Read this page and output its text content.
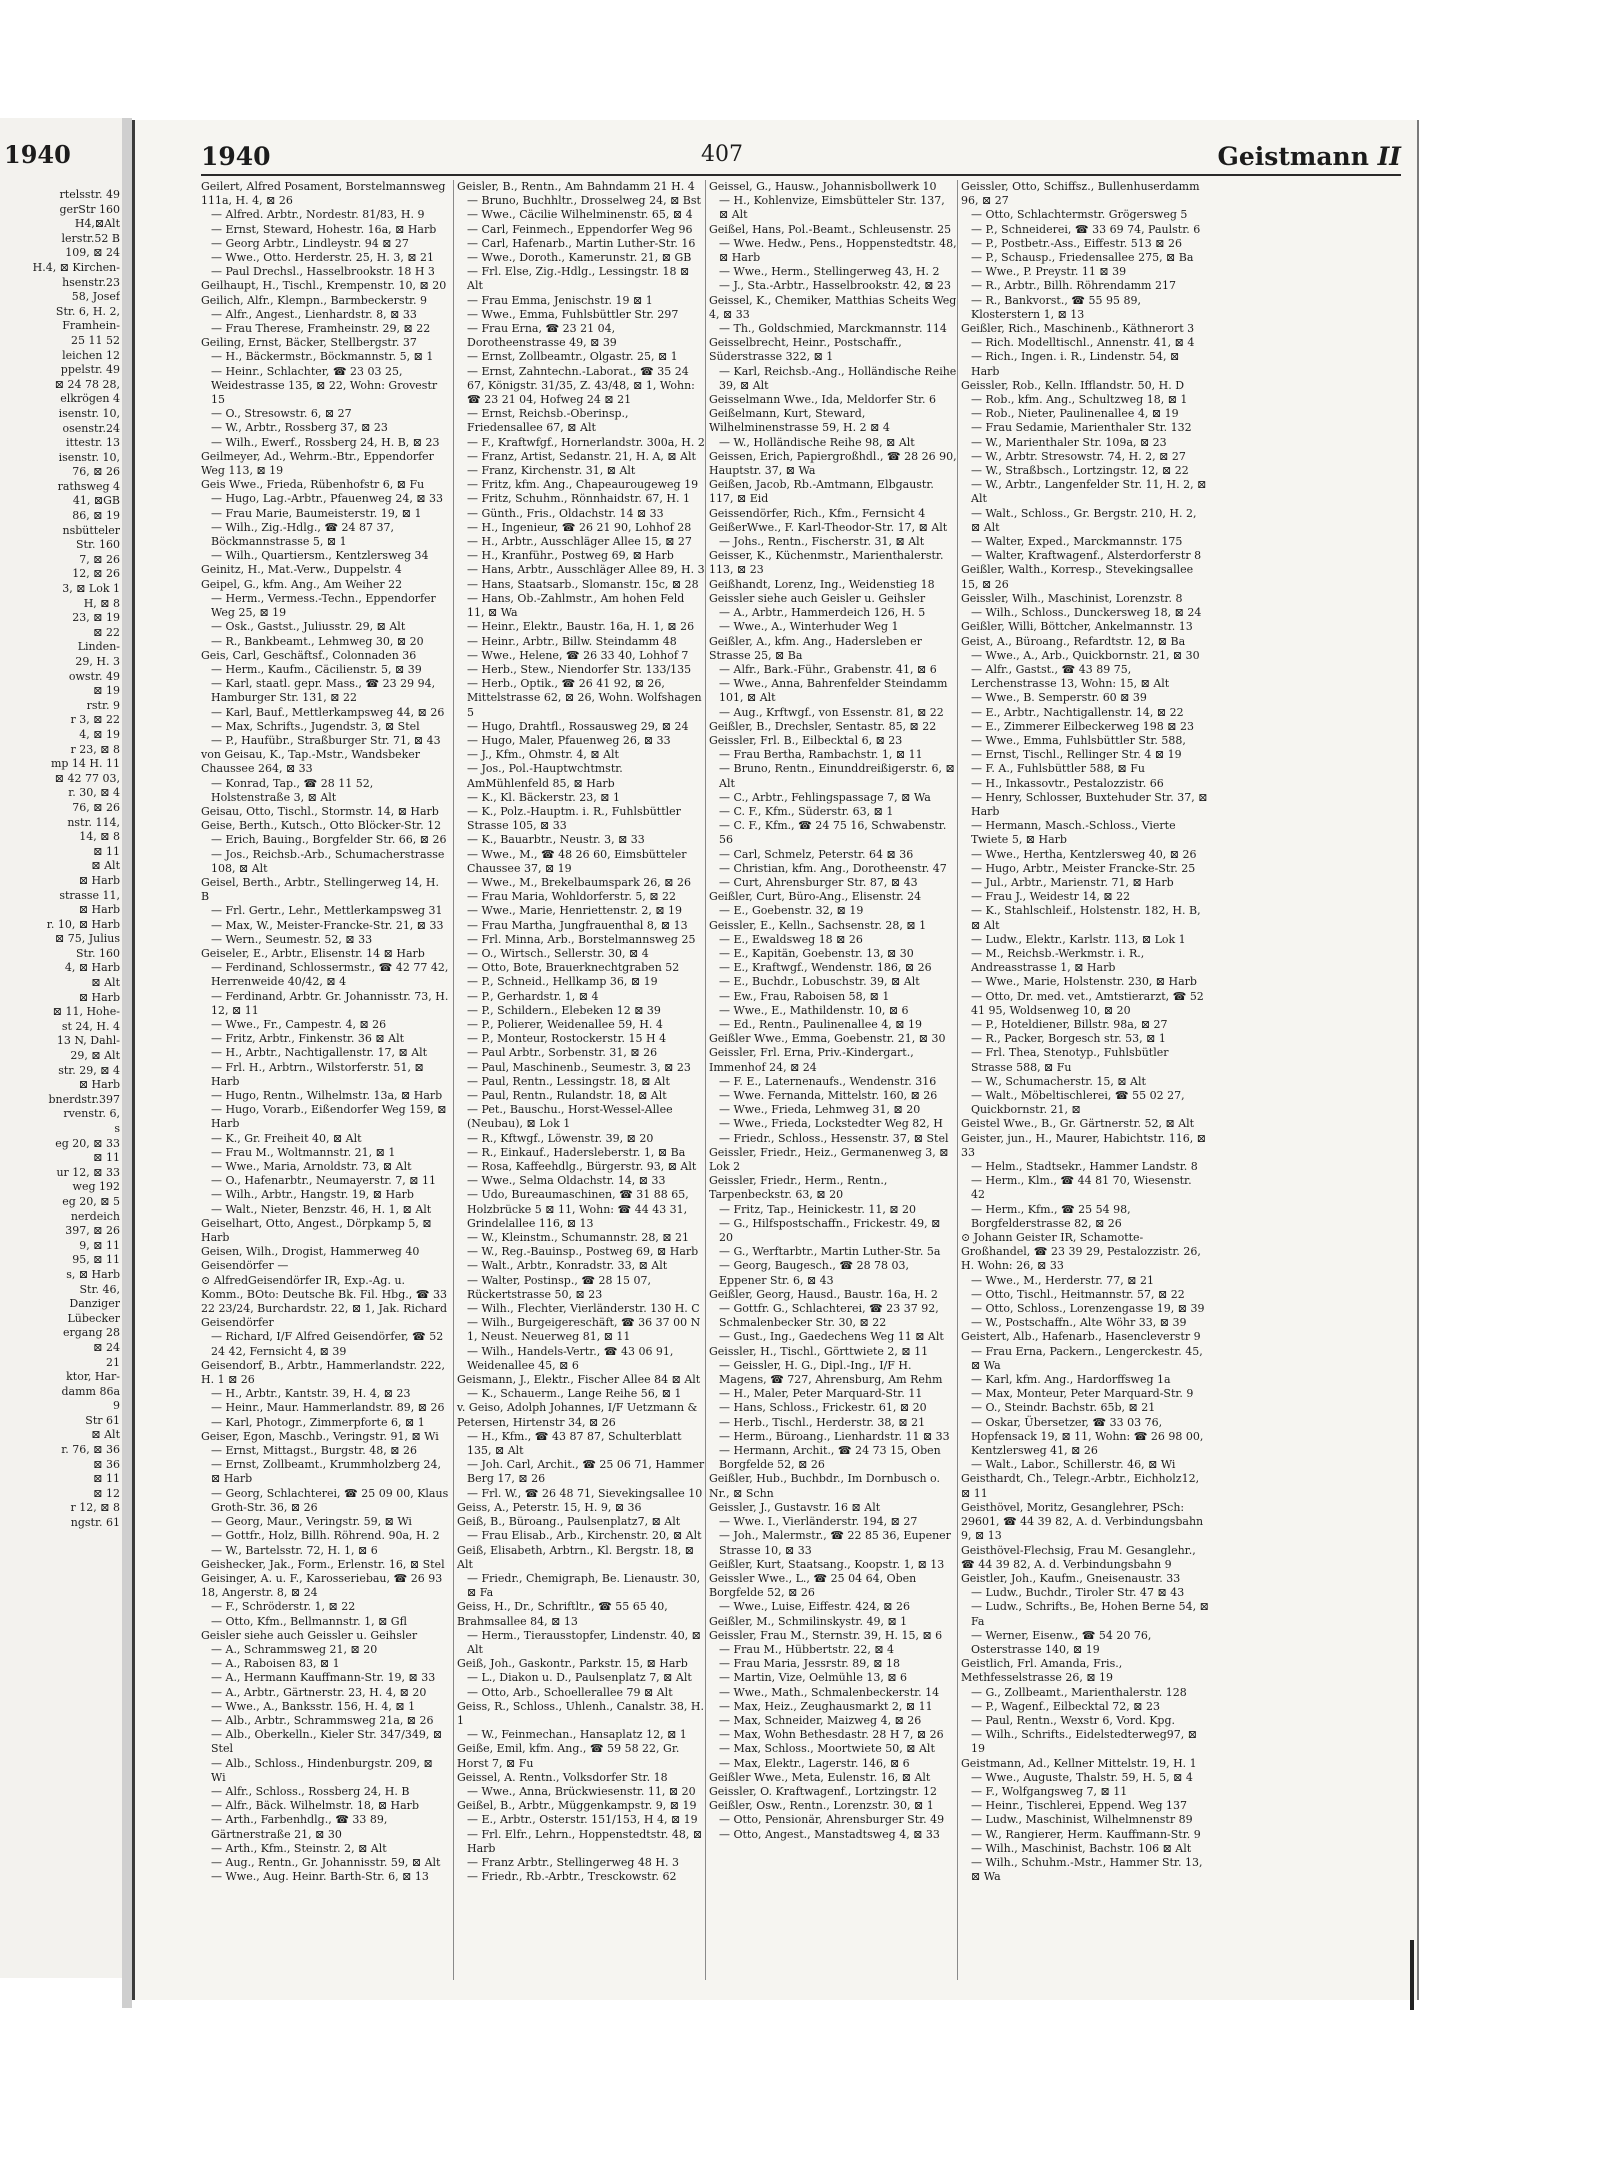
1940
rtelsstr. 49
gerStr 160
H4,⊠Alt
lerstr.52 B
109, ⊠ 24
H.4, ⊠ Kirchen-
hsenstr.23
58, Josef
Str. 6, H. 2,
Framhein-
25 11 52
leichen 12
ppelstr. 49
⊠ 24 78 28,
elkrögen 4
isenstr. 10,
osenstr.24
ittestr. 13
isenstr. 10,
76, ⊠ 26
rathsweg 4
41, ⊠GB
86, ⊠ 19
nsbütteler
Str. 160
7, ⊠ 26
12, ⊠ 26
3, ⊠ Lok 1
H, ⊠ 8
23, ⊠ 19
⊠ 22
Linden-
29, H. 3
owstr. 49
⊠ 19
rstr. 9
r 3, ⊠ 22
4, ⊠ 19
r 23, ⊠ 8
mp 14 H. 11
⊠ 42 77 03,
r. 30, ⊠ 4
76, ⊠ 26
nstr. 114,
14, ⊠ 8
⊠ 11
⊠ Alt
⊠ Harb
strasse 11,
⊠ Harb
r. 10, ⊠ Harb
⊠ 75, Julius
Str. 160
4, ⊠ Harb
⊠ Alt
⊠ Harb
⊠ 11, Hohe-
st 24, H. 4
13 N, Dahl-
29, ⊠ Alt
str. 29, ⊠ 4
⊠ Harb
bnerdstr.397
rvenstr. 6,
s
eg 20, ⊠ 33
⊠ 11
ur 12, ⊠ 33
weg 192
eg 20, ⊠ 5
nerdeich
397, ⊠ 26
9, ⊠ 11
95, ⊠ 11
s, ⊠ Harb
Str. 46,
Danziger
Lübecker
ergang 28
⊠ 24
21
ktor, Har-
damm 86a
9
Str 61
⊠ Alt
r. 76, ⊠ 36
⊠ 36
⊠ 11
⊠ 12
r 12, ⊠ 8
ngstr. 61
1940	407	Geistmann II

Geilert, Alfred Posament, Borstelmannsweg 111a, H. 4, ⊠ 26

— Alfred. Arbtr., Nordestr. 81/83, H. 9

— Ernst, Steward, Hohestr. 16a, ⊠ Harb

— Georg Arbtr., Lindleystr. 94 ⊠ 27

— Wwe., Otto. Herderstr. 25, H. 3, ⊠ 21

— Paul Drechsl., Hasselbrookstr. 18 H 3

Geilhaupt, H., Tischl., Krempenstr. 10, ⊠ 20

Geilich, Alfr., Klempn., Barmbeckerstr. 9

— Alfr., Angest., Lienhardstr. 8, ⊠ 33

— Frau Therese, Framheinstr. 29, ⊠ 22

Geiling, Ernst, Bäcker, Stellbergstr. 37

— H., Bäckermstr., Böckmannstr. 5, ⊠ 1

— Heinr., Schlachter, ☎ 23 03 25, Weidestrasse 135, ⊠ 22, Wohn: Grovestr 15

— O., Stresowstr. 6, ⊠ 27

— W., Arbtr., Rossberg 37, ⊠ 23

— Wilh., Ewerf., Rossberg 24, H. B, ⊠ 23

Geilmeyer, Ad., Wehrm.-Btr., Eppendorfer Weg 113, ⊠ 19

Geis Wwe., Frieda, Rübenhofstr 6, ⊠ Fu

— Hugo, Lag.-Arbtr., Pfauenweg 24, ⊠ 33

— Frau Marie, Baumeisterstr. 19, ⊠ 1

— Wilh., Zig.-Hdlg., ☎ 24 87 37, Böckmannstrasse 5, ⊠ 1

— Wilh., Quartiersm., Kentzlersweg 34

Geinitz, H., Mat.-Verw., Duppelstr. 4

Geipel, G., kfm. Ang., Am Weiher 22

— Herm., Vermess.-Techn., Eppendorfer Weg 25, ⊠ 19

— Osk., Gastst., Juliusstr. 29, ⊠ Alt

— R., Bankbeamt., Lehmweg 30, ⊠ 20

Geis, Carl, Geschäftsf., Colonnaden 36

— Herm., Kaufm., Cäcilienstr. 5, ⊠ 39

— Karl, staatl. gepr. Mass., ☎ 23 29 94, Hamburger Str. 131, ⊠ 22

— Karl, Bauf., Mettlerkampsweg 44, ⊠ 26

— Max, Schrifts., Jugendstr. 3, ⊠ Stel

— P., Haufübr., Straßburger Str. 71, ⊠ 43

von Geisau, K., Tap.-Mstr., Wandsbeker Chaussee 264, ⊠ 33

— Konrad, Tap., ☎ 28 11 52, Holstenstraße 3, ⊠ Alt

Geisau, Otto, Tischl., Stormstr. 14, ⊠ Harb

Geise, Berth., Kutsch., Otto Blöcker-Str. 12

— Erich, Bauing., Borgfelder Str. 66, ⊠ 26

— Jos., Reichsb.-Arb., Schumacherstrasse 108, ⊠ Alt

Geisel, Berth., Arbtr., Stellingerweg 14, H. B

— Frl. Gertr., Lehr., Mettlerkampsweg 31

— Max, W., Meister-Francke-Str. 21, ⊠ 33

— Wern., Seumestr. 52, ⊠ 33

Geiseler, E., Arbtr., Elisenstr. 14 ⊠ Harb

— Ferdinand, Schlossermstr., ☎ 42 77 42, Herrenweide 40/42, ⊠ 4

— Ferdinand, Arbtr. Gr. Johannisstr. 73, H. 12, ⊠ 11

— Wwe., Fr., Campestr. 4, ⊠ 26

— Fritz, Arbtr., Finkenstr. 36 ⊠ Alt

— H., Arbtr., Nachtigallenstr. 17, ⊠ Alt

— Frl. H., Arbtrn., Wilstorferstr. 51, ⊠ Harb

— Hugo, Rentn., Wilhelmstr. 13a, ⊠ Harb

— Hugo, Vorarb., Eißendorfer Weg 159, ⊠ Harb

— K., Gr. Freiheit 40, ⊠ Alt

— Frau M., Woltmannstr. 21, ⊠ 1

— Wwe., Maria, Arnoldstr. 73, ⊠ Alt

— O., Hafenarbtr., Neumayerstr. 7, ⊠ 11

— Wilh., Arbtr., Hangstr. 19, ⊠ Harb

— Walt., Nieter, Benzstr. 46, H. 1, ⊠ Alt

Geiselhart, Otto, Angest., Dörpkamp 5, ⊠ Harb

Geisen, Wilh., Drogist, Hammerweg 40

Geisendörfer —

⊙ AlfredGeisendörfer IR, Exp.-Ag. u. Komm., BOto: Deutsche Bk. Fil. Hbg., ☎ 33 22 23/24, Burchardstr. 22, ⊠ 1, Jak. Richard Geisendörfer

— Richard, I/F Alfred Geisendörfer, ☎ 52 24 42, Fernsicht 4, ⊠ 39

Geisendorf, B., Arbtr., Hammerlandstr. 222, H. 1 ⊠ 26

— H., Arbtr., Kantstr. 39, H. 4, ⊠ 23

— Heinr., Maur. Hammerlandstr. 89, ⊠ 26

— Karl, Photogr., Zimmerpforte 6, ⊠ 1

Geiser, Egon, Maschb., Veringstr. 91, ⊠ Wi

— Ernst, Mittagst., Burgstr. 48, ⊠ 26

— Ernst, Zollbeamt., Krummholzberg 24, ⊠ Harb

— Georg, Schlachterei, ☎ 25 09 00, Klaus Groth-Str. 36, ⊠ 26

— Georg, Maur., Veringstr. 59, ⊠ Wi

— Gottfr., Holz, Billh. Röhrend. 90a, H. 2

— W., Bartelsstr. 72, H. 1, ⊠ 6

Geishecker, Jak., Form., Erlenstr. 16, ⊠ Stel

Geisinger, A. u. F., Karosseriebau, ☎ 26 93 18, Angerstr. 8, ⊠ 24

— F., Schröderstr. 1, ⊠ 22

— Otto, Kfm., Bellmannstr. 1, ⊠ Gfl

Geisler siehe auch Geissler u. Geihsler

— A., Schrammsweg 21, ⊠ 20

— A., Raboisen 83, ⊠ 1

— A., Hermann Kauffmann-Str. 19, ⊠ 33

— A., Arbtr., Gärtnerstr. 23, H. 4, ⊠ 20

— Wwe., A., Banksstr. 156, H. 4, ⊠ 1

— Alb., Arbtr., Schrammsweg 21a, ⊠ 26

— Alb., Oberkelln., Kieler Str. 347/349, ⊠ Stel

— Alb., Schloss., Hindenburgstr. 209, ⊠ Wi

— Alfr., Schloss., Rossberg 24, H. B

— Alfr., Bäck. Wilhelmstr. 18, ⊠ Harb

— Arth., Farbenhdlg., ☎ 33 89, Gärtnerstraße 21, ⊠ 30

— Arth., Kfm., Steinstr. 2, ⊠ Alt

— Aug., Rentn., Gr. Johannisstr. 59, ⊠ Alt

— Wwe., Aug. Heinr. Barth-Str. 6, ⊠ 13

Geisler, B., Rentn., Am Bahndamm 21 H. 4

— Bruno, Buchhltr., Drosselweg 24, ⊠ Bst

— Wwe., Cäcilie Wilhelminenstr. 65, ⊠ 4

— Carl, Feinmech., Eppendorfer Weg 96

— Carl, Hafenarb., Martin Luther-Str. 16

— Wwe., Doroth., Kamerunstr. 21, ⊠ GB

— Frl. Else, Zig.-Hdlg., Lessingstr. 18 ⊠ Alt

— Frau Emma, Jenischstr. 19 ⊠ 1

— Wwe., Emma, Fuhlsbüttler Str. 297

— Frau Erna, ☎ 23 21 04, Dorotheenstrasse 49, ⊠ 39

— Ernst, Zollbeamtr., Olgastr. 25, ⊠ 1

— Ernst, Zahntechn.-Laborat., ☎ 35 24 67, Königstr. 31/35, Z. 43/48, ⊠ 1, Wohn: ☎ 23 21 04, Hofweg 24 ⊠ 21

— Ernst, Reichsb.-Oberinsp., Friedensallee 67, ⊠ Alt

— F., Kraftwfgf., Hornerlandstr. 300a, H. 2

— Franz, Artist, Sedanstr. 21, H. A, ⊠ Alt

— Franz, Kirchenstr. 31, ⊠ Alt

— Fritz, kfm. Ang., Chapeaurougeweg 19

— Fritz, Schuhm., Rönnhaidstr. 67, H. 1

— Günth., Fris., Oldachstr. 14 ⊠ 33

— H., Ingenieur, ☎ 26 21 90, Lohhof 28

— H., Arbtr., Ausschläger Allee 15, ⊠ 27

— H., Kranführ., Postweg 69, ⊠ Harb

— Hans, Arbtr., Ausschläger Allee 89, H. 3

— Hans, Staatsarb., Slomanstr. 15c, ⊠ 28

— Hans, Ob.-Zahlmstr., Am hohen Feld 11, ⊠ Wa

— Heinr., Elektr., Baustr. 16a, H. 1, ⊠ 26

— Heinr., Arbtr., Billw. Steindamm 48

— Wwe., Helene, ☎ 26 33 40, Lohhof 7

— Herb., Stew., Niendorfer Str. 133/135

— Herb., Optik., ☎ 26 41 92, ⊠ 26, Mittelstrasse 62, ⊠ 26, Wohn. Wolfshagen 5

— Hugo, Drahtfl., Rossausweg 29, ⊠ 24

— Hugo, Maler, Pfauenweg 26, ⊠ 33

— J., Kfm., Ohmstr. 4, ⊠ Alt

— Jos., Pol.-Hauptwchtmstr. AmMühlenfeld 85, ⊠ Harb

— K., Kl. Bäckerstr. 23, ⊠ 1

— K., Polz.-Hauptm. i. R., Fuhlsbüttler Strasse 105, ⊠ 33

— K., Bauarbtr., Neustr. 3, ⊠ 33

— Wwe., M., ☎ 48 26 60, Eimsbütteler Chaussee 37, ⊠ 19

— Wwe., M., Brekelbaumspark 26, ⊠ 26

— Frau Maria, Wohldorferstr. 5, ⊠ 22

— Wwe., Marie, Henriettenstr. 2, ⊠ 19

— Frau Martha, Jungfrauenthal 8, ⊠ 13

— Frl. Minna, Arb., Borstelmannsweg 25

— O., Wirtsch., Sellerstr. 30, ⊠ 4

— Otto, Bote, Brauerknechtgraben 52

— P., Schneid., Hellkamp 36, ⊠ 19

— P., Gerhardstr. 1, ⊠ 4

— P., Schildern., Elebeken 12 ⊠ 39

— P., Polierer, Weidenallee 59, H. 4

— P., Monteur, Rostockerstr. 15 H 4

— Paul Arbtr., Sorbenstr. 31, ⊠ 26

— Paul, Maschinenb., Seumestr. 3, ⊠ 23

— Paul, Rentn., Lessingstr. 18, ⊠ Alt

— Paul, Rentn., Rulandstr. 18, ⊠ Alt

— Pet., Bauschu., Horst-Wessel-Allee (Neubau), ⊠ Lok 1

— R., Kftwgf., Löwenstr. 39, ⊠ 20

— R., Einkauf., Hadersleberstr. 1, ⊠ Ba

— Rosa, Kaffeehdlg., Bürgerstr. 93, ⊠ Alt

— Wwe., Selma Oldachstr. 14, ⊠ 33

— Udo, Bureaumaschinen, ☎ 31 88 65, Holzbrücke 5 ⊠ 11, Wohn: ☎ 44 43 31, Grindelallee 116, ⊠ 13

— W., Kleinstm., Schumannstr. 28, ⊠ 21

— W., Reg.-Bauinsp., Postweg 69, ⊠ Harb

— Walt., Arbtr., Konradstr. 33, ⊠ Alt

— Walter, Postinsp., ☎ 28 15 07, Rückertstrasse 50, ⊠ 23

— Wilh., Flechter, Vierländerstr. 130 H. C

— Wilh., Burgeigereschäft, ☎ 36 37 00 N 1, Neust. Neuerweg 81, ⊠ 11

— Wilh., Handels-Vertr., ☎ 43 06 91, Weidenallee 45, ⊠ 6

Geismann, J., Elektr., Fischer Allee 84 ⊠ Alt

— K., Schauerm., Lange Reihe 56, ⊠ 1

v. Geiso, Adolph Johannes, I/F Uetzmann & Petersen, Hirtenstr 34, ⊠ 26

— H., Kfm., ☎ 43 87 87, Schulterblatt 135, ⊠ Alt

— Joh. Carl, Archit., ☎ 25 06 71, Hammer Berg 17, ⊠ 26

— Frl. W., ☎ 26 48 71, Sievekingsallee 10

Geiss, A., Peterstr. 15, H. 9, ⊠ 36

Geiß, B., Büroang., Paulsenplatz7, ⊠ Alt

— Frau Elisab., Arb., Kirchenstr. 20, ⊠ Alt

Geiß, Elisabeth, Arbtrn., Kl. Bergstr. 18, ⊠ Alt

— Friedr., Chemigraph, Be. Lienaustr. 30, ⊠ Fa

Geiss, H., Dr., Schriftltr., ☎ 55 65 40, Brahmsallee 84, ⊠ 13

— Herm., Tierausstopfer, Lindenstr. 40, ⊠ Alt

Geiß, Joh., Gaskontr., Parkstr. 15, ⊠ Harb

— L., Diakon u. D., Paulsenplatz 7, ⊠ Alt

— Otto, Arb., Schoellerallee 79 ⊠ Alt

Geiss, R., Schloss., Uhlenh., Canalstr. 38, H. 1

— W., Feinmechan., Hansaplatz 12, ⊠ 1

Geiße, Emil, kfm. Ang., ☎ 59 58 22, Gr. Horst 7, ⊠ Fu

Geissel, A. Rentn., Volksdorfer Str. 18

— Wwe., Anna, Brückwiesenstr. 11, ⊠ 20

Geißel, B., Arbtr., Müggenkampstr. 9, ⊠ 19

— E., Arbtr., Osterstr. 151/153, H 4, ⊠ 19

— Frl. Elfr., Lehrn., Hoppenstedtstr. 48, ⊠ Harb

— Franz Arbtr., Stellingerweg 48 H. 3

— Friedr., Rb.-Arbtr., Tresckowstr. 62

Geissel, G., Hausw., Johannisbollwerk 10

— H., Kohlenvize, Eimsbütteler Str. 137, ⊠ Alt

Geißel, Hans, Pol.-Beamt., Schleusenstr. 25

— Wwe. Hedw., Pens., Hoppenstedtstr. 48, ⊠ Harb

— Wwe., Herm., Stellingerweg 43, H. 2

— J., Sta.-Arbtr., Hasselbrookstr. 42, ⊠ 23

Geissel, K., Chemiker, Matthias Scheits Weg 4, ⊠ 33

— Th., Goldschmied, Marckmannstr. 114

Geisselbrecht, Heinr., Postschaffr., Süderstrasse 322, ⊠ 1

— Karl, Reichsb.-Ang., Holländische Reihe 39, ⊠ Alt

Geisselmann Wwe., Ida, Meldorfer Str. 6

Geißelmann, Kurt, Steward, Wilhelminenstrasse 59, H. 2 ⊠ 4

— W., Holländische Reihe 98, ⊠ Alt

Geissen, Erich, Papiergroßhdl., ☎ 28 26 90, Hauptstr. 37, ⊠ Wa

Geißen, Jacob, Rb.-Amtmann, Elbgaustr. 117, ⊠ Eid

Geissendörfer, Rich., Kfm., Fernsicht 4

GeißerWwe., F. Karl-Theodor-Str. 17, ⊠ Alt

— Johs., Rentn., Fischerstr. 31, ⊠ Alt

Geisser, K., Küchenmstr., Marienthalerstr. 113, ⊠ 23

Geißhandt, Lorenz, Ing., Weidenstieg 18

Geissler siehe auch Geisler u. Geihsler

— A., Arbtr., Hammerdeich 126, H. 5

— Wwe., A., Winterhuder Weg 1

Geißler, A., kfm. Ang., Hadersleben er Strasse 25, ⊠ Ba

— Alfr., Bark.-Führ., Grabenstr. 41, ⊠ 6

— Wwe., Anna, Bahrenfelder Steindamm 101, ⊠ Alt

— Aug., Krftwgf., von Essenstr. 81, ⊠ 22

Geißler, B., Drechsler, Sentastr. 85, ⊠ 22

Geissler, Frl. B., Eilbecktal 6, ⊠ 23

— Frau Bertha, Rambachstr. 1, ⊠ 11

— Bruno, Rentn., Einunddreißigerstr. 6, ⊠ Alt

— C., Arbtr., Fehlingspassage 7, ⊠ Wa

— C. F., Kfm., Süderstr. 63, ⊠ 1

— C. F., Kfm., ☎ 24 75 16, Schwabenstr. 56

— Carl, Schmelz, Peterstr. 64 ⊠ 36

— Christian, kfm. Ang., Dorotheenstr. 47

— Curt, Ahrensburger Str. 87, ⊠ 43

Geißler, Curt, Büro-Ang., Elisenstr. 24

— E., Goebenstr. 32, ⊠ 19

Geissler, E., Kelln., Sachsenstr. 28, ⊠ 1

— E., Ewaldsweg 18 ⊠ 26

— E., Kapitän, Goebenstr. 13, ⊠ 30

— E., Kraftwgf., Wendenstr. 186, ⊠ 26

— E., Buchdr., Lobuschstr. 39, ⊠ Alt

— Ew., Frau, Raboisen 58, ⊠ 1

— Wwe., E., Mathildenstr. 10, ⊠ 6

— Ed., Rentn., Paulinenallee 4, ⊠ 19

Geißler Wwe., Emma, Goebenstr. 21, ⊠ 30

Geissler, Frl. Erna, Priv.-Kindergart., Immenhof 24, ⊠ 24

— F. E., Laternenaufs., Wendenstr. 316

— Wwe. Fernanda, Mittelstr. 160, ⊠ 26

— Wwe., Frieda, Lehmweg 31, ⊠ 20

— Wwe., Frieda, Lockstedter Weg 82, H

— Friedr., Schloss., Hessenstr. 37, ⊠ Stel

Geissler, Friedr., Heiz., Germanenweg 3, ⊠ Lok 2

Geissler, Friedr., Herm., Rentn., Tarpenbeckstr. 63, ⊠ 20

— Fritz, Tap., Heinickestr. 11, ⊠ 20

— G., Hilfspostschaffn., Frickestr. 49, ⊠ 20

— G., Werftarbtr., Martin Luther-Str. 5a

— Georg, Baugesch., ☎ 28 78 03, Eppener Str. 6, ⊠ 43

Geißler, Georg, Hausd., Baustr. 16a, H. 2

— Gottfr. G., Schlachterei, ☎ 23 37 92, Schmalenbecker Str. 30, ⊠ 22

— Gust., Ing., Gaedechens Weg 11 ⊠ Alt

Geissler, H., Tischl., Görttwiete 2, ⊠ 11

— Geissler, H. G., Dipl.-Ing., I/F H. Magens, ☎ 727, Ahrensburg, Am Rehm

— H., Maler, Peter Marquard-Str. 11

— Hans, Schloss., Frickestr. 61, ⊠ 20

— Herb., Tischl., Herderstr. 38, ⊠ 21

— Herm., Büroang., Lienhardstr. 11 ⊠ 33

— Hermann, Archit., ☎ 24 73 15, Oben Borgfelde 52, ⊠ 26

Geißler, Hub., Buchbdr., Im Dornbusch o. Nr., ⊠ Schn

Geissler, J., Gustavstr. 16 ⊠ Alt

— Wwe. I., Vierländerstr. 194, ⊠ 27

— Joh., Malermstr., ☎ 22 85 36, Eupener Strasse 10, ⊠ 33

Geißler, Kurt, Staatsang., Koopstr. 1, ⊠ 13

Geissler Wwe., L., ☎ 25 04 64, Oben Borgfelde 52, ⊠ 26

— Wwe., Luise, Eiffestr. 424, ⊠ 26

Geißler, M., Schmilinskystr. 49, ⊠ 1

Geissler, Frau M., Sternstr. 39, H. 15, ⊠ 6

— Frau M., Hübbertstr. 22, ⊠ 4

— Frau Maria, Jessrstr. 89, ⊠ 18

— Martin, Vize, Oelmühle 13, ⊠ 6

— Wwe., Math., Schmalenbeckerstr. 14

— Max, Heiz., Zeughausmarkt 2, ⊠ 11

— Max, Schneider, Maizweg 4, ⊠ 26

— Max, Wohn Bethesdastr. 28 H 7, ⊠ 26

— Max, Schloss., Moortwiete 50, ⊠ Alt

— Max, Elektr., Lagerstr. 146, ⊠ 6

Geißler Wwe., Meta, Eulenstr. 16, ⊠ Alt

Geissler, O. Kraftwagenf., Lortzingstr. 12

Geißler, Osw., Rentn., Lorenzstr. 30, ⊠ 1

— Otto, Pensionär, Ahrensburger Str. 49

— Otto, Angest., Manstadtsweg 4, ⊠ 33

Geissler, Otto, Schiffsz., Bullenhuserdamm 96, ⊠ 27

— Otto, Schlachtermstr. Grögersweg 5

— P., Schneiderei, ☎ 33 69 74, Paulstr. 6

— P., Postbetr.-Ass., Eiffestr. 513 ⊠ 26

— P., Schausp., Friedensallee 275, ⊠ Ba

— Wwe., P. Preystr. 11 ⊠ 39

— R., Arbtr., Billh. Röhrendamm 217

— R., Bankvorst., ☎ 55 95 89, Klosterstern 1, ⊠ 13

Geißler, Rich., Maschinenb., Käthnerort 3

— Rich. Modelltischl., Annenstr. 41, ⊠ 4

— Rich., Ingen. i. R., Lindenstr. 54, ⊠ Harb

Geissler, Rob., Kelln. Ifflandstr. 50, H. D

— Rob., kfm. Ang., Schultzweg 18, ⊠ 1

— Rob., Nieter, Paulinenallee 4, ⊠ 19

— Frau Sedamie, Marienthaler Str. 132

— W., Marienthaler Str. 109a, ⊠ 23

— W., Arbtr. Stresowstr. 74, H. 2, ⊠ 27

— W., Straßbsch., Lortzingstr. 12, ⊠ 22

— W., Arbtr., Langenfelder Str. 11, H. 2, ⊠ Alt

— Walt., Schloss., Gr. Bergstr. 210, H. 2, ⊠ Alt

— Walter, Exped., Marckmannstr. 175

— Walter, Kraftwagenf., Alsterdorferstr 8

Geißler, Walth., Korresp., Stevekingsallee 15, ⊠ 26

Geissler, Wilh., Maschinist, Lorenzstr. 8

— Wilh., Schloss., Dunckersweg 18, ⊠ 24

Geißler, Willi, Böttcher, Ankelmannstr. 13

Geist, A., Büroang., Refardtstr. 12, ⊠ Ba

— Wwe., A., Arb., Quickbornstr. 21, ⊠ 30

— Alfr., Gastst., ☎ 43 89 75, Lerchenstrasse 13, Wohn: 15, ⊠ Alt

— Wwe., B. Semperstr. 60 ⊠ 39

— E., Arbtr., Nachtigallenstr. 14, ⊠ 22

— E., Zimmerer Eilbeckerweg 198 ⊠ 23

— Wwe., Emma, Fuhlsbüttler Str. 588,

— Ernst, Tischl., Rellinger Str. 4 ⊠ 19

— F. A., Fuhlsbüttler 588, ⊠ Fu

— H., Inkassovtr., Pestalozzistr. 66

— Henry, Schlosser, Buxtehuder Str. 37, ⊠ Harb

— Hermann, Masch.-Schloss., Vierte Twiete 5, ⊠ Harb

— Wwe., Hertha, Kentzlersweg 40, ⊠ 26

— Hugo, Arbtr., Meister Francke-Str. 25

— Jul., Arbtr., Marienstr. 71, ⊠ Harb

— Frau J., Weidestr 14, ⊠ 22

— K., Stahlschleif., Holstenstr. 182, H. B, ⊠ Alt

— Ludw., Elektr., Karlstr. 113, ⊠ Lok 1

— M., Reichsb.-Werkmstr. i. R., Andreasstrasse 1, ⊠ Harb

— Wwe., Marie, Holstenstr. 230, ⊠ Harb

— Otto, Dr. med. vet., Amtstierarzt, ☎ 52 41 95, Woldsenweg 10, ⊠ 20

— P., Hoteldiener, Billstr. 98a, ⊠ 27

— R., Packer, Borgesch str. 53, ⊠ 1

— Frl. Thea, Stenotyp., Fuhlsbütler Strasse 588, ⊠ Fu

— W., Schumacherstr. 15, ⊠ Alt

— Walt., Möbeltischlerei, ☎ 55 02 27, Quickbornstr. 21, ⊠

Geistel Wwe., B., Gr. Gärtnerstr. 52, ⊠ Alt

Geister, jun., H., Maurer, Habichtstr. 116, ⊠ 33

— Helm., Stadtsekr., Hammer Landstr. 8

— Herm., Klm., ☎ 44 81 70, Wiesenstr. 42

— Herm., Kfm., ☎ 25 54 98, Borgfelderstrasse 82, ⊠ 26

⊙ Johann Geister IR, Schamotte-Großhandel, ☎ 23 39 29, Pestalozzistr. 26, H. Wohn: 26, ⊠ 33

— Wwe., M., Herderstr. 77, ⊠ 21

— Otto, Tischl., Heitmannstr. 57, ⊠ 22

— Otto, Schloss., Lorenzengasse 19, ⊠ 39

— W., Postschaffn., Alte Wöhr 33, ⊠ 39

Geistert, Alb., Hafenarb., Hasencleverstr 9

— Frau Erna, Packern., Lengerckestr. 45, ⊠ Wa

— Karl, kfm. Ang., Hardorffsweg 1a

— Max, Monteur, Peter Marquard-Str. 9

— O., Steindr. Bachstr. 65b, ⊠ 21

— Oskar, Übersetzer, ☎ 33 03 76, Hopfensack 19, ⊠ 11, Wohn: ☎ 26 98 00, Kentzlersweg 41, ⊠ 26

— Walt., Labor., Schillerstr. 46, ⊠ Wi

Geisthardt, Ch., Telegr.-Arbtr., Eichholz12, ⊠ 11

Geisthövel, Moritz, Gesanglehrer, PSch: 29601, ☎ 44 39 82, A. d. Verbindungsbahn 9, ⊠ 13

Geisthövel-Flechsig, Frau M. Gesanglehr., ☎ 44 39 82, A. d. Verbindungsbahn 9

Geistler, Joh., Kaufm., Gneisenaustr. 33

— Ludw., Buchdr., Tiroler Str. 47 ⊠ 43

— Ludw., Schrifts., Be, Hohen Berne 54, ⊠ Fa

— Werner, Eisenw., ☎ 54 20 76, Osterstrasse 140, ⊠ 19

Geistlich, Frl. Amanda, Fris., Methfesselstrasse 26, ⊠ 19

— G., Zollbeamt., Marienthalerstr. 128

— P., Wagenf., Eilbecktal 72, ⊠ 23

— Paul, Rentn., Wexstr 6, Vord. Kpg.

— Wilh., Schrifts., Eidelstedterweg97, ⊠ 19

Geistmann, Ad., Kellner Mittelstr. 19, H. 1

— Wwe., Auguste, Thalstr. 59, H. 5, ⊠ 4

— F., Wolfgangsweg 7, ⊠ 11

— Heinr., Tischlerei, Eppend. Weg 137

— Ludw., Maschinist, Wilhelmnenstr 89

— W., Rangierer, Herm. Kauffmann-Str. 9

— Wilh., Maschinist, Bachstr. 106 ⊠ Alt

— Wilh., Schuhm.-Mstr., Hammer Str. 13, ⊠ Wa
